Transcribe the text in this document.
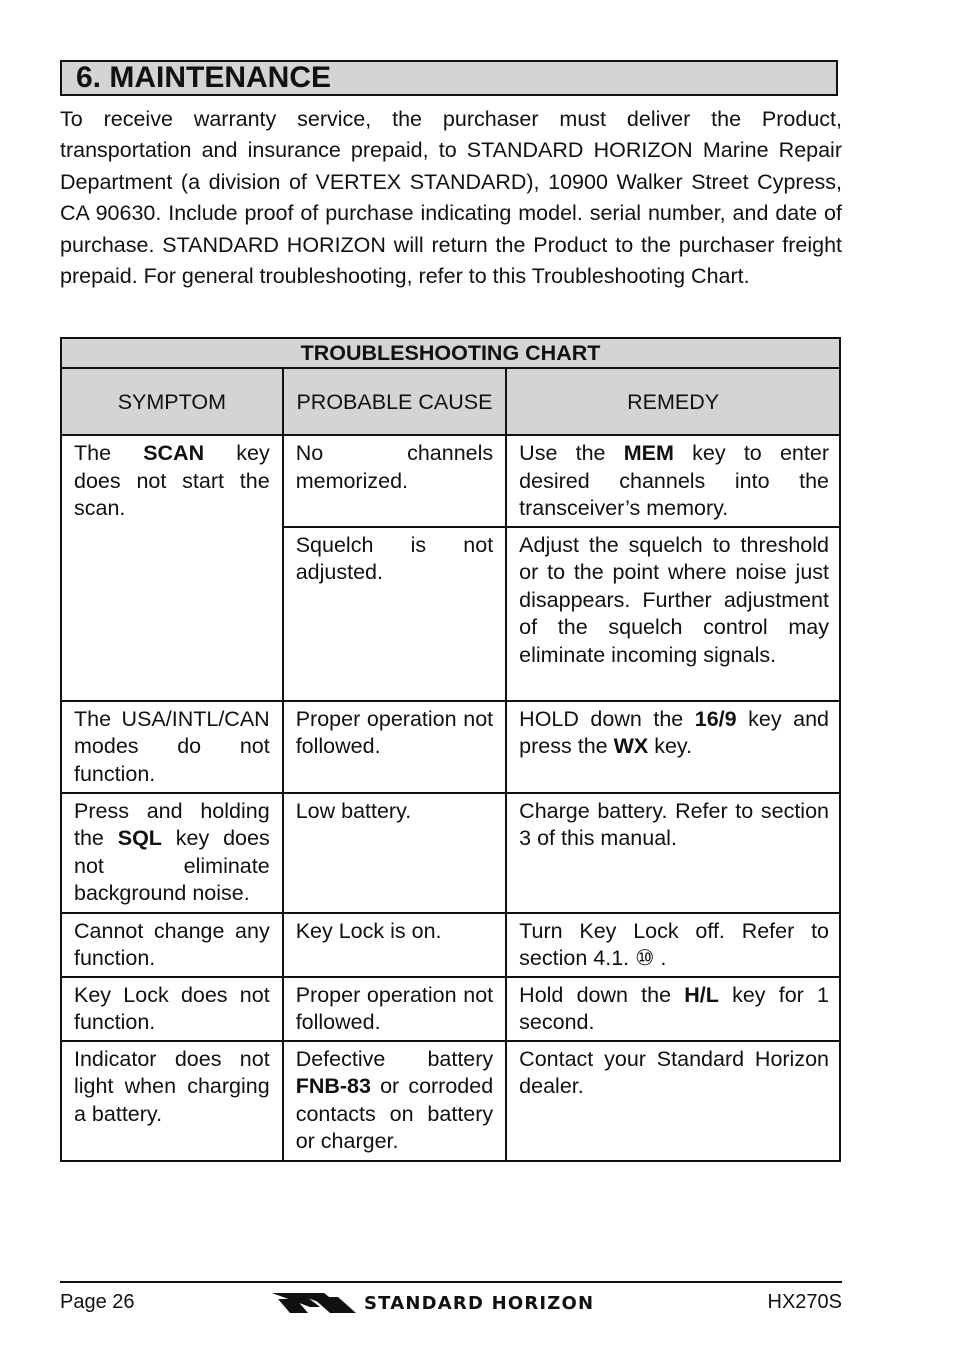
6. MAINTENANCE

To receive warranty service, the purchaser must deliver the Product, transportation and insurance prepaid, to STANDARD HORIZON Marine Repair Department (a division of VERTEX STANDARD), 10900 Walker Street Cypress, CA 90630. Include proof of purchase indicating model. serial number, and date of purchase. STANDARD HORIZON will return the Product to the purchaser freight prepaid. For general troubleshooting, refer to this Troubleshooting Chart.

TROUBLESHOOTING CHART		
SYMPTOM	PROBABLE CAUSE	REMEDY
The SCAN key does not start the scan.	No channels memorized.	Use the MEM key to enter desired channels into the transceiver’s memory.
	Squelch is not adjusted.	Adjust the squelch to threshold or to the point where noise just disappears. Further adjustment of the squelch control may eliminate incoming signals.
The USA/INTL/CAN modes do not function.	Proper operation not followed.	HOLD down the 16/9 key and press the WX key.
Press and holding the SQL key does not eliminate background noise.	Low battery.	Charge battery. Refer to section 3 of this manual.
Cannot change any function.	Key Lock is on.	Turn Key Lock off. Refer to section 4.1. ⑩ .
Key Lock does not function.	Proper operation not followed.	Hold down the H/L key for 1 second.
Indicator does not light when charging a battery.	Defective battery FNB-83 or corroded contacts on battery or charger.	Contact your Standard Horizon dealer.
Page 26	STANDARD HORIZON	HX270S
